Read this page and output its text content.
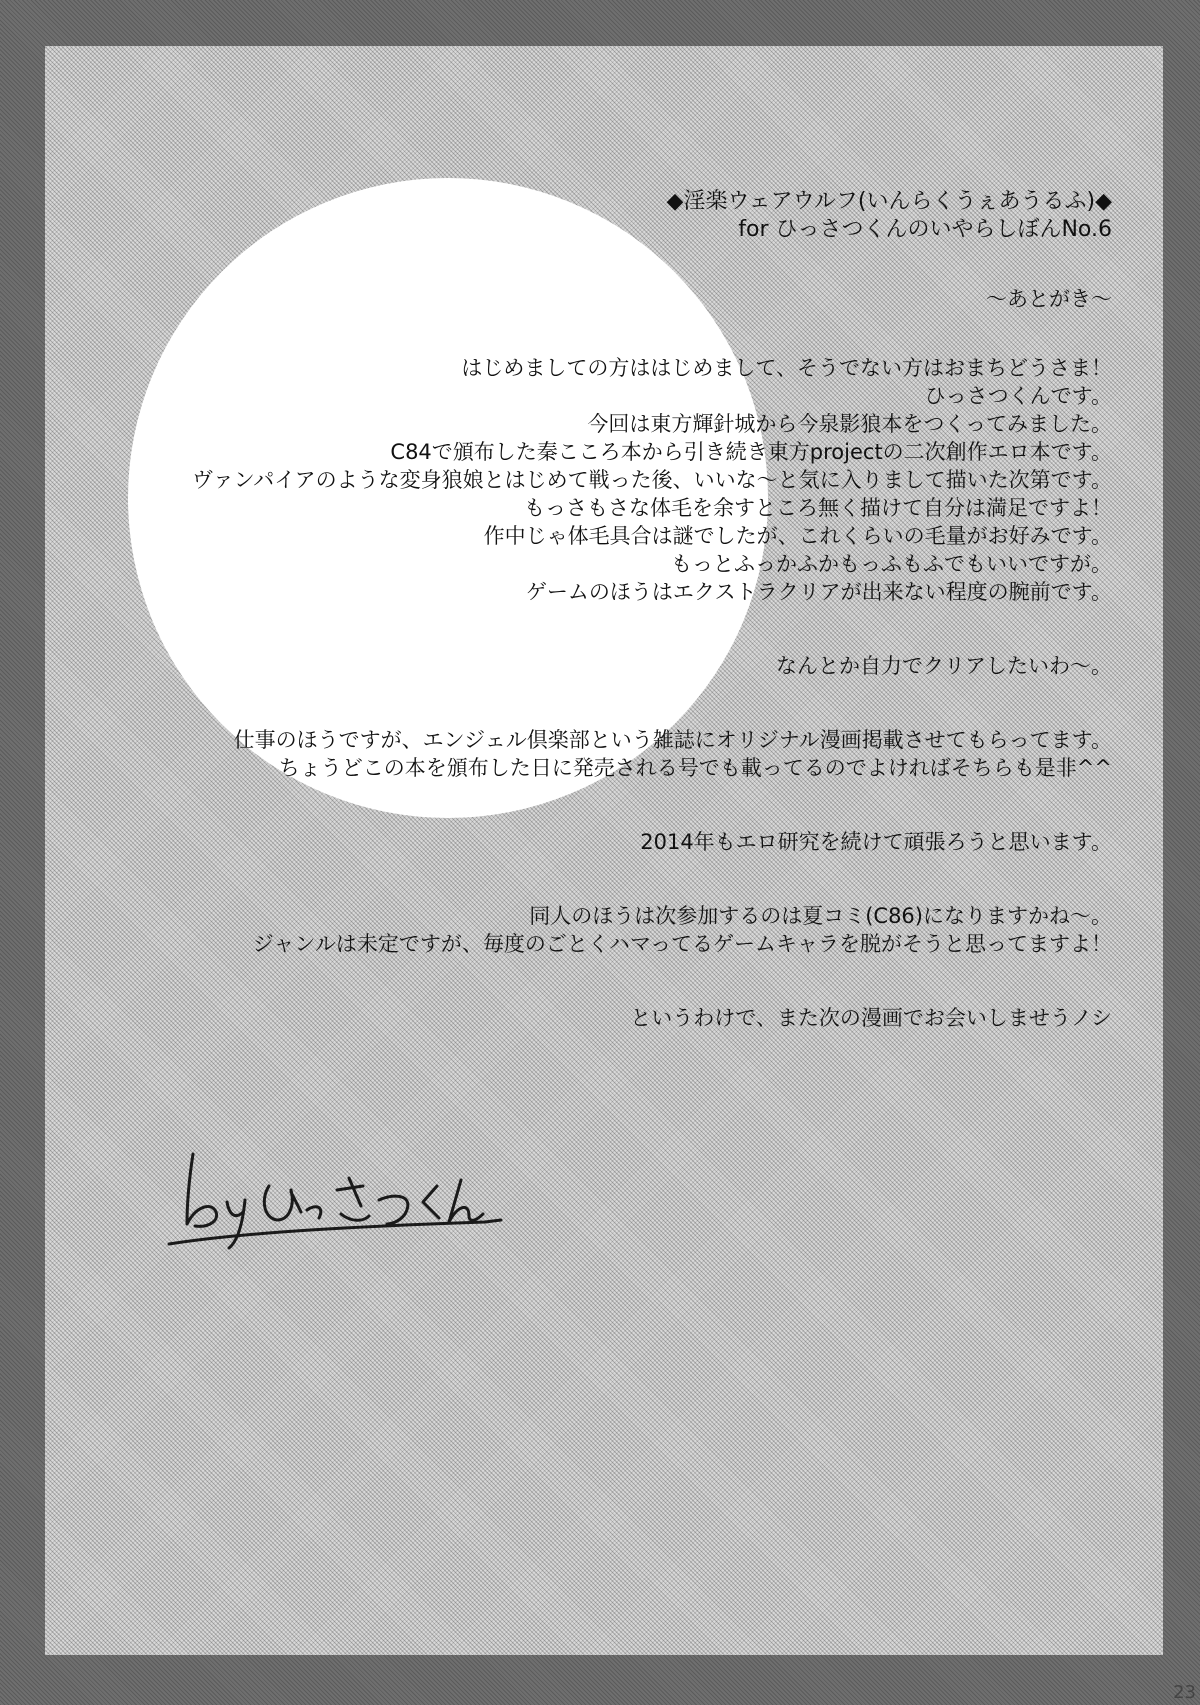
◆淫楽ウェアウルフ(いんらくうぇあうるふ)◆
for ひっさつくんのいやらしぼんNo.6
～あとがき～
はじめましての方ははじめまして、そうでない方はおまちどうさま！
ひっさつくんです。
今回は東方輝針城から今泉影狼本をつくってみました。
C84で頒布した秦こころ本から引き続き東方projectの二次創作エロ本です。
ヴァンパイアのような変身狼娘とはじめて戦った後、いいな～と気に入りまして描いた次第です。
もっさもさな体毛を余すところ無く描けて自分は満足ですよ！
作中じゃ体毛具合は謎でしたが、これくらいの毛量がお好みです。
もっとふっかふかもっふもふでもいいですが。
ゲームのほうはエクストラクリアが出来ない程度の腕前です。
なんとか自力でクリアしたいわ～。
仕事のほうですが、エンジェル倶楽部という雑誌にオリジナル漫画掲載させてもらってます。
ちょうどこの本を頒布した日に発売される号でも載ってるのでよければそちらも是非^^
2014年もエロ研究を続けて頑張ろうと思います。
同人のほうは次参加するのは夏コミ(C86)になりますかね～。
ジャンルは未定ですが、毎度のごとくハマってるゲームキャラを脱がそうと思ってますよ！
というわけで、また次の漫画でお会いしませうノシ
23
